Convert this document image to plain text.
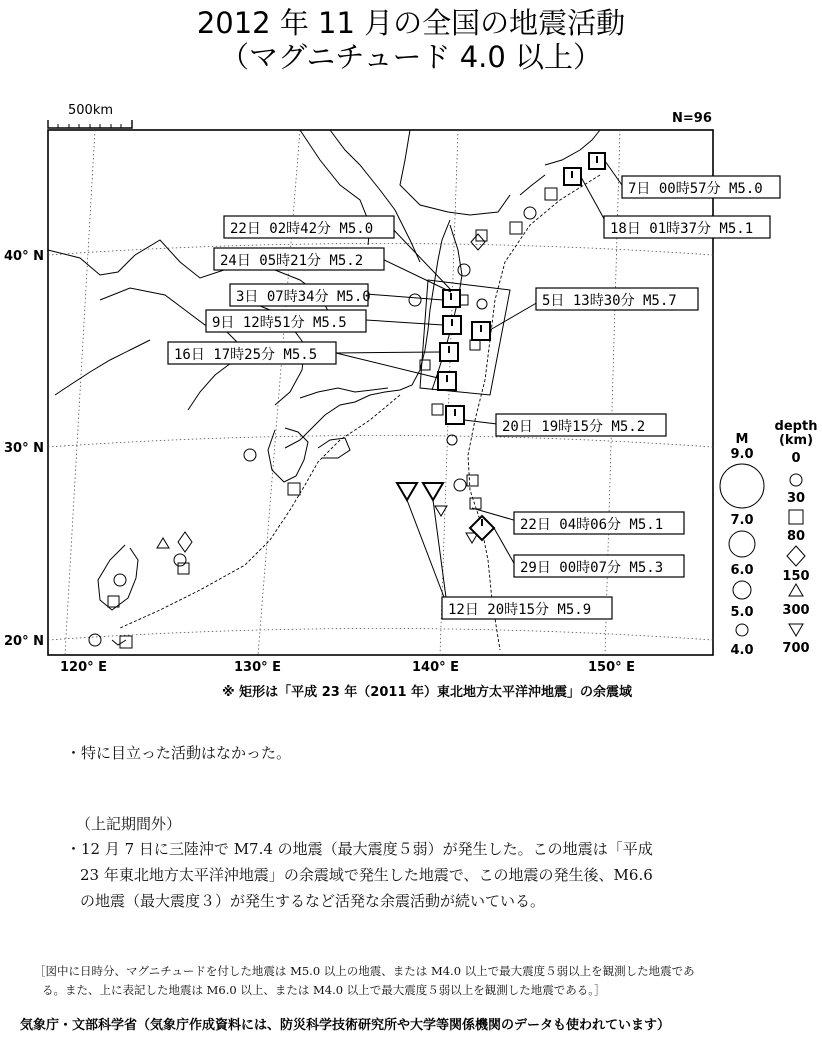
2012 年 11 月の全国の地震活動
（マグニチュード 4.0 以上）
500km
N=96
7日 00時57分 M5.0
18日 01時37分 M5.1
22日 02時42分 M5.0
24日 05時21分 M5.2
3日 07時34分 M5.0	5日 13時30分 M5.7
9日 12時51分 M5.5
16日 17時25分 M5.5
20日 19時15分 M5.2
22日 04時06分 M5.1
29日 00時07分 M5.3
12日 20時15分 M5.9
40° N
30° N
20° N
120° E	130° E	140° E	150° E
※ 矩形は「平成 23 年（2011 年）東北地方太平洋沖地震」の余震域
M
9.0
7.0
6.0
5.0
4.0
depth
(km)
0
30
80
150
300
700
・特に目立った活動はなかった。
（上記期間外）
・12 月 7 日に三陸沖で M7.4 の地震（最大震度５弱）が発生した。この地震は「平成
23 年東北地方太平洋沖地震」の余震域で発生した地震で、この地震の発生後、M6.6
の地震（最大震度３）が発生するなど活発な余震活動が続いている。
［図中に日時分、マグニチュードを付した地震は M5.0 以上の地震、または M4.0 以上で最大震度５弱以上を観測した地震であ
る。また、上に表記した地震は M6.0 以上、または M4.0 以上で最大震度５弱以上を観測した地震である。］
気象庁・文部科学省（気象庁作成資料には、防災科学技術研究所や大学等関係機関のデータも使われています）
